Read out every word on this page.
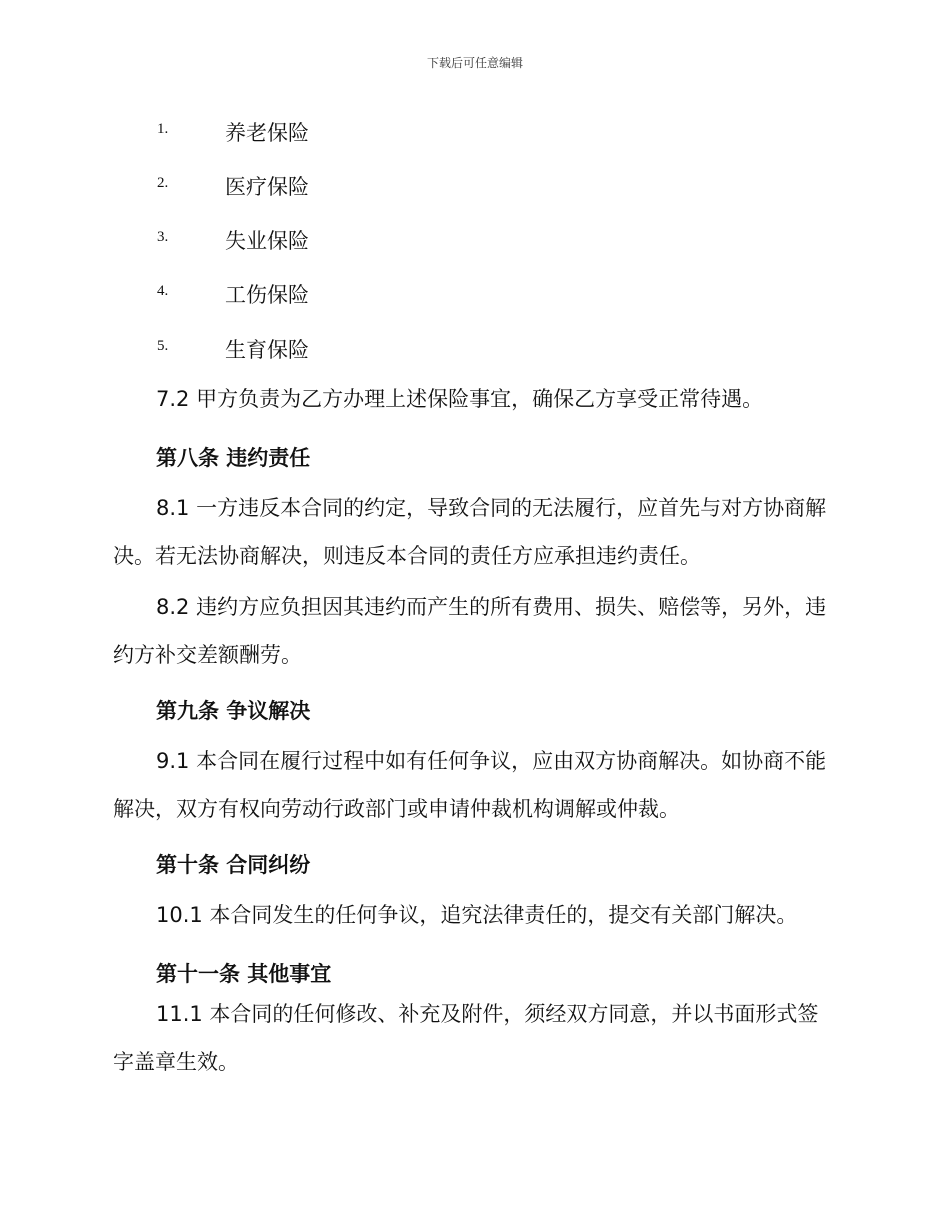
下载后可任意编辑
1.	养老保险
2.	医疗保险
3.	失业保险
4.	工伤保险
5.	生育保险
7.2 甲方负责为乙方办理上述保险事宜，确保乙方享受正常待遇。
第八条 违约责任
8.1 一方违反本合同的约定，导致合同的无法履行，应首先与对方协商解决。若无法协商解决，则违反本合同的责任方应承担违约责任。
8.2 违约方应负担因其违约而产生的所有费用、损失、赔偿等，另外，违约方补交差额酬劳。
第九条 争议解决
9.1 本合同在履行过程中如有任何争议，应由双方协商解决。如协商不能解决，双方有权向劳动行政部门或申请仲裁机构调解或仲裁。
第十条 合同纠纷
10.1 本合同发生的任何争议，追究法律责任的，提交有关部门解决。
第十一条 其他事宜
11.1 本合同的任何修改、补充及附件，须经双方同意，并以书面形式签字盖章生效。
